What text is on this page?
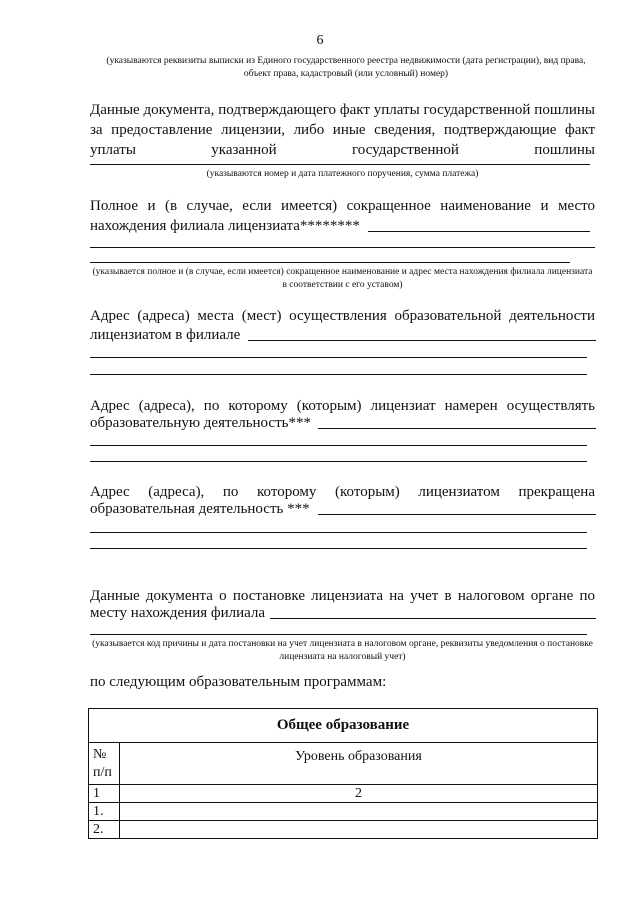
6
(указываются реквизиты выписки из Единого государственного реестра недвижимости (дата регистрации), вид права, объект права, кадастровый (или условный) номер)
Данные документа, подтверждающего факт уплаты государственной пошлины за предоставление лицензии, либо иные сведения, подтверждающие факт уплаты указанной государственной пошлины
(указываются номер и дата платежного поручения, сумма платежа)
Полное и (в случае, если имеется) сокращенное наименование и место
нахождения филиала лицензиата********
(указывается полное и (в случае, если имеется) сокращенное наименование и адрес места нахождения филиала лицензиата в соответствии с его уставом)
Адрес (адреса) места (мест) осуществления образовательной деятельности
лицензиатом в филиале
Адрес (адреса), по которому (которым) лицензиат намерен осуществлять
образовательную деятельность***
Адрес (адреса), по которому (которым) лицензиатом прекращена
образовательная деятельность ***
Данные документа о постановке лицензиата на учет в налоговом органе по
месту нахождения филиала
(указывается код причины и дата постановки на учет лицензиата в налоговом органе, реквизиты уведомления о постановке лицензиата на налоговый учет)
по следующим образовательным программам:
Общее образование	
№ п/п	Уровень образования
1	2
1.	
2.	
